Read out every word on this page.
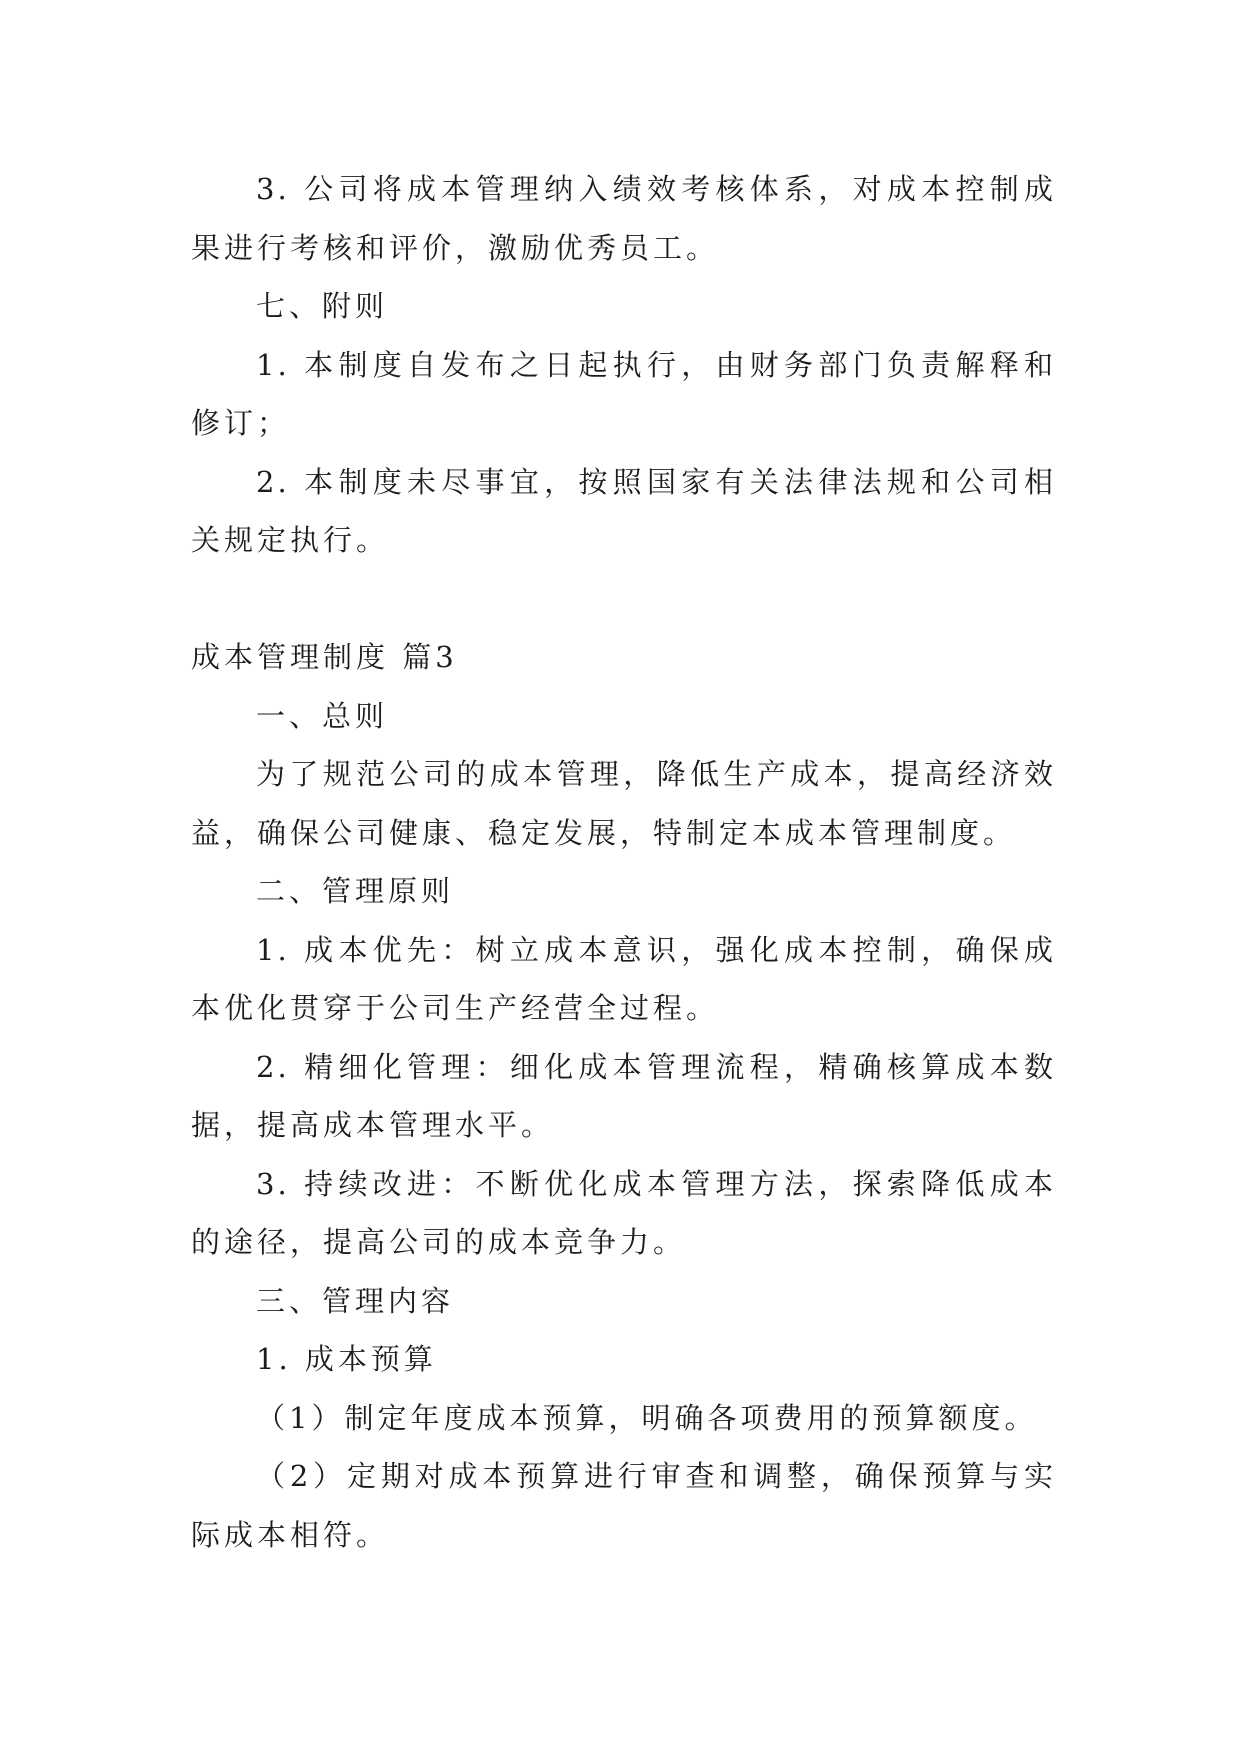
3. 公司将成本管理纳入绩效考核体系，对成本控制成
果进行考核和评价，激励优秀员工。
七、附则
1. 本制度自发布之日起执行，由财务部门负责解释和
修订；
2. 本制度未尽事宜，按照国家有关法律法规和公司相
关规定执行。
成本管理制度 篇3
一、总则
为了规范公司的成本管理，降低生产成本，提高经济效
益，确保公司健康、稳定发展，特制定本成本管理制度。
二、管理原则
1. 成本优先：树立成本意识，强化成本控制，确保成
本优化贯穿于公司生产经营全过程。
2. 精细化管理：细化成本管理流程，精确核算成本数
据，提高成本管理水平。
3. 持续改进：不断优化成本管理方法，探索降低成本
的途径，提高公司的成本竞争力。
三、管理内容
1. 成本预算
（1）制定年度成本预算，明确各项费用的预算额度。
（2）定期对成本预算进行审查和调整，确保预算与实
际成本相符。
